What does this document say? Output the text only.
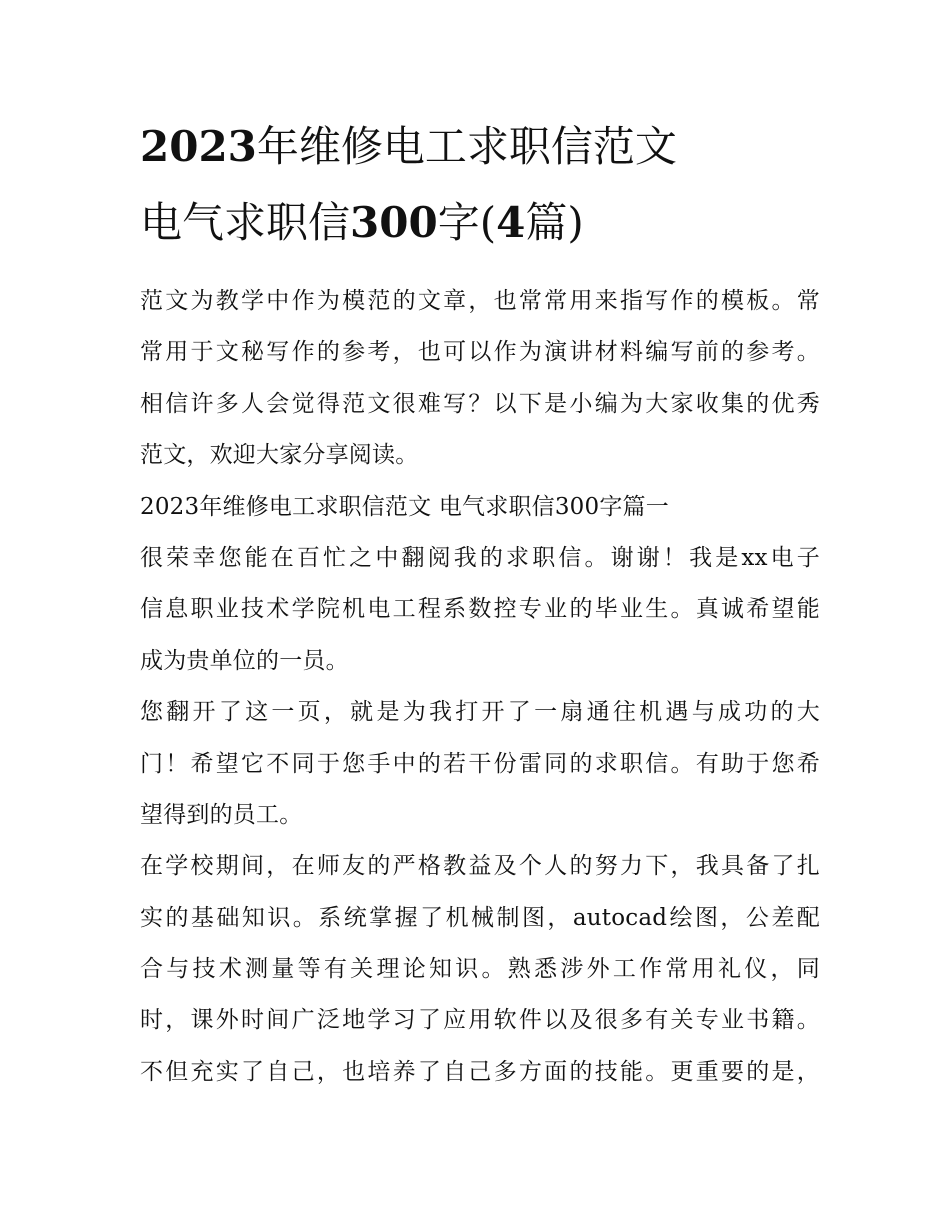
2023年维修电工求职信范文
电气求职信300字(4篇)
范文为教学中作为模范的文章，也常常用来指写作的模板。常
常用于文秘写作的参考，也可以作为演讲材料编写前的参考。
相信许多人会觉得范文很难写？以下是小编为大家收集的优秀
范文，欢迎大家分享阅读。
2023年维修电工求职信范文 电气求职信300字篇一
很荣幸您能在百忙之中翻阅我的求职信。谢谢！我是xx电子
信息职业技术学院机电工程系数控专业的毕业生。真诚希望能
成为贵单位的一员。
您翻开了这一页，就是为我打开了一扇通往机遇与成功的大
门！希望它不同于您手中的若干份雷同的求职信。有助于您希
望得到的员工。
在学校期间，在师友的严格教益及个人的努力下，我具备了扎
实的基础知识。系统掌握了机械制图，autocad绘图，公差配
合与技术测量等有关理论知识。熟悉涉外工作常用礼仪，同
时，课外时间广泛地学习了应用软件以及很多有关专业书籍。
不但充实了自己，也培养了自己多方面的技能。更重要的是，
